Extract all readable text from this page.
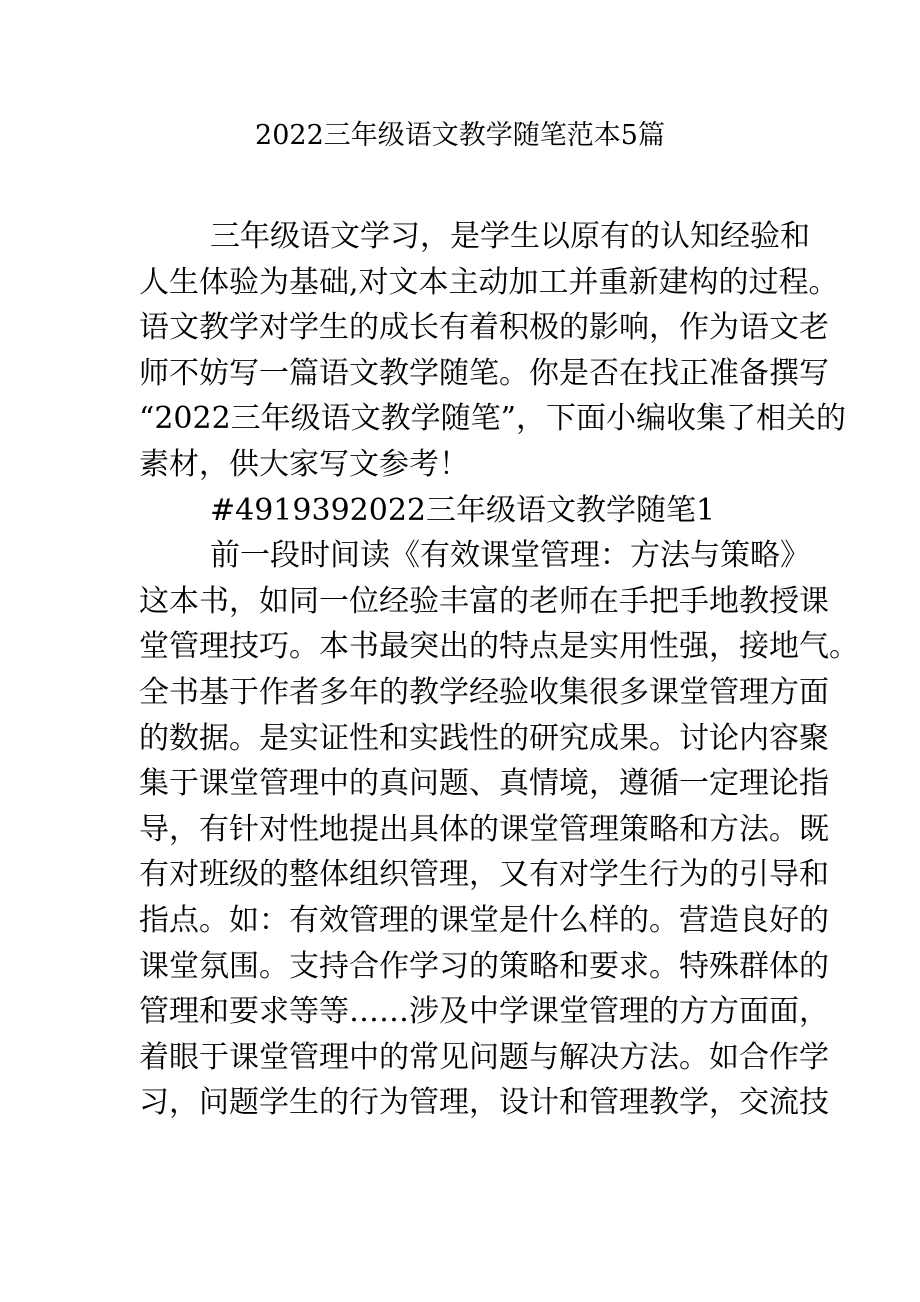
2022三年级语文教学随笔范本5篇
三年级语文学习，是学生以原有的认知经验和
人生体验为基础,对文本主动加工并重新建构的过程。
语文教学对学生的成长有着积极的影响，作为语文老
师不妨写一篇语文教学随笔。你是否在找正准备撰写
“2022三年级语文教学随笔”，下面小编收集了相关的
素材，供大家写文参考！
#4919392022三年级语文教学随笔1
前一段时间读《有效课堂管理：方法与策略》
这本书，如同一位经验丰富的老师在手把手地教授课
堂管理技巧。本书最突出的特点是实用性强，接地气。
全书基于作者多年的教学经验收集很多课堂管理方面
的数据。是实证性和实践性的研究成果。讨论内容聚
集于课堂管理中的真问题、真情境，遵循一定理论指
导，有针对性地提出具体的课堂管理策略和方法。既
有对班级的整体组织管理，又有对学生行为的引导和
指点。如：有效管理的课堂是什么样的。营造良好的
课堂氛围。支持合作学习的策略和要求。特殊群体的
管理和要求等等……涉及中学课堂管理的方方面面，
着眼于课堂管理中的常见问题与解决方法。如合作学
习，问题学生的行为管理，设计和管理教学，交流技
